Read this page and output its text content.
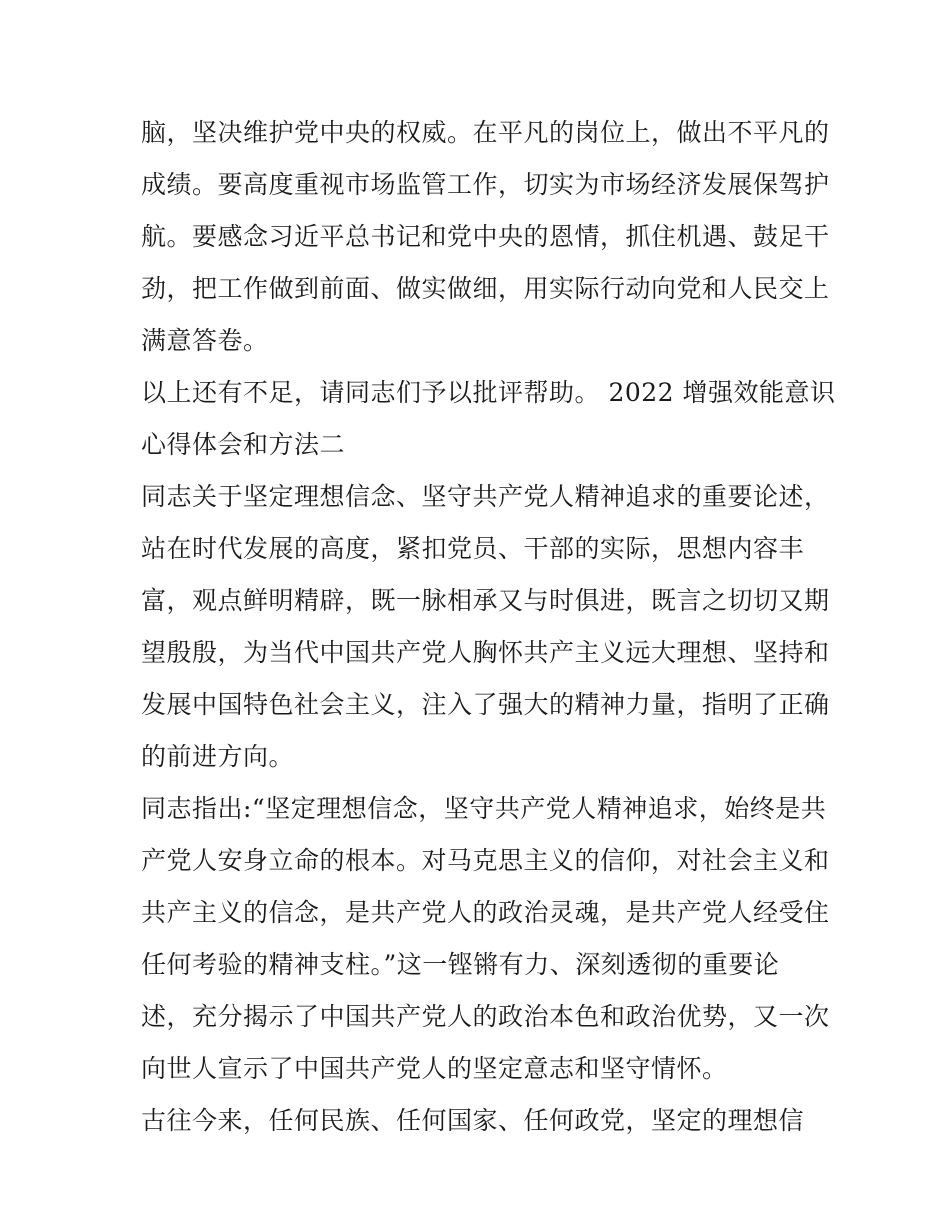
脑，坚决维护党中央的权威。在平凡的岗位上，做出不平凡的
成绩。要高度重视市场监管工作，切实为市场经济发展保驾护
航。要感念习近平总书记和党中央的恩情，抓住机遇、鼓足干
劲，把工作做到前面、做实做细，用实际行动向党和人民交上
满意答卷。
以上还有不足，请同志们予以批评帮助。 2022 增强效能意识
心得体会和方法二
同志关于坚定理想信念、坚守共产党人精神追求的重要论述，
站在时代发展的高度，紧扣党员、干部的实际，思想内容丰
富，观点鲜明精辟，既一脉相承又与时俱进，既言之切切又期
望殷殷，为当代中国共产党人胸怀共产主义远大理想、坚持和
发展中国特色社会主义，注入了强大的精神力量，指明了正确
的前进方向。
同志指出:“坚定理想信念，坚守共产党人精神追求，始终是共
产党人安身立命的根本。对马克思主义的信仰，对社会主义和
共产主义的信念，是共产党人的政治灵魂，是共产党人经受住
任何考验的精神支柱。”这一铿锵有力、深刻透彻的重要论
述，充分揭示了中国共产党人的政治本色和政治优势，又一次
向世人宣示了中国共产党人的坚定意志和坚守情怀。
古往今来，任何民族、任何国家、任何政党，坚定的理想信
